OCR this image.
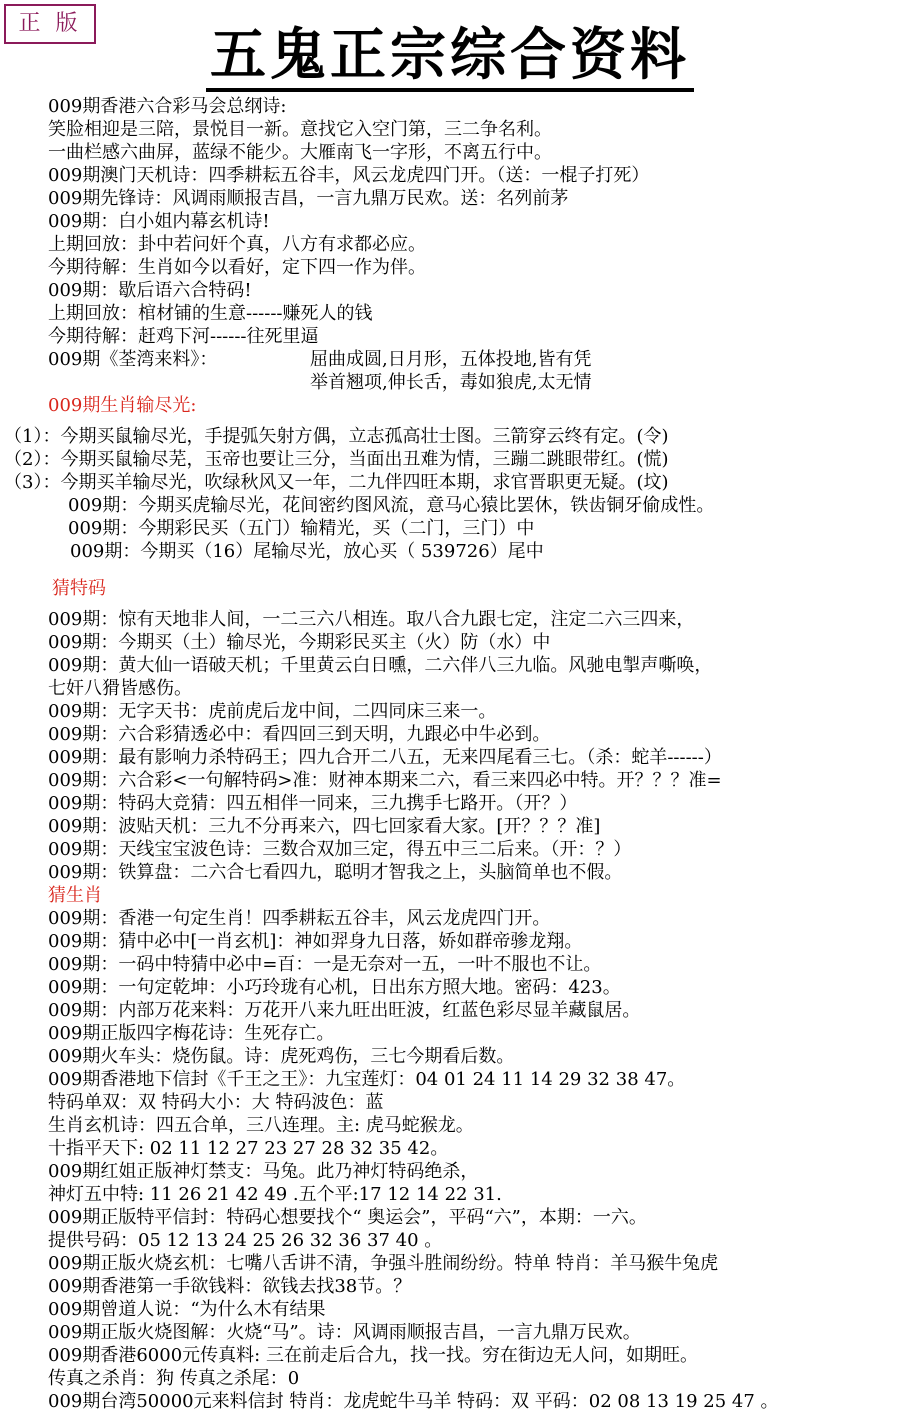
正 版	五鬼正宗综合资料
009期香港六合彩马会总纲诗:
笑脸相迎是三陪，景悦目一新。意找它入空门第，三二争名利。
一曲栏感六曲屏，蓝绿不能少。大雁南飞一字形，不离五行中。
009期澳门天机诗：四季耕耘五谷丰，风云龙虎四门开。（送：一棍子打死）
009期先锋诗：风调雨顺报吉昌，一言九鼎万民欢。送：名列前茅
009期：白小姐内幕玄机诗!
上期回放：卦中若问奸个真，八方有求都必应。
今期待解：生肖如今以看好，定下四一作为伴。
009期：歇后语六合特码!
上期回放：棺材铺的生意------赚死人的钱
今期待解：赶鸡下河------往死里逼
009期《荃湾来料》：	屈曲成圆,日月形，五体投地,皆有凭
举首翘项,伸长舌，毒如狼虎,太无情
009期生肖输尽光:
（1）：今期买鼠输尽光，手提弧矢射方偶，立志孤高壮士图。三箭穿云终有定。(令)
（2）：今期买鼠输尽芜，玉帝也要让三分，当面出丑难为情，三蹦二跳眼带红。(慌)
（3）：今期买羊输尽光，吹绿秋风又一年，二九伴四旺本期，求官晋职更无疑。(坟)
009期：今期买虎输尽光，花间密约图风流，意马心猿比罢休，铁齿铜牙偷成性。
009期：今期彩民买（五门）输精光，买（二门，三门）中
009期：今期买（16）尾输尽光，放心买（ 539726）尾中
猜特码
009期：惊有天地非人间，一二三六八相连。取八合九跟七定，注定二六三四来，
009期：今期买（土）输尽光，今期彩民买主（火）防（水）中
009期：黄大仙一语破天机；千里黄云白日曛，二六伴八三九临。风驰电掣声嘶唤，
七奸八猾皆感伤。
009期：无字天书：虎前虎后龙中间，二四同床三来一。
009期：六合彩猜透必中：看四回三到天明，九跟必中牛必到。
009期：最有影响力杀特码王；四九合开二八五，无来四尾看三七。（杀：蛇羊------）
009期：六合彩<一句解特码>准：财神本期来二六，看三来四必中特。开？？？准=
009期：特码大竞猜：四五相伴一同来，三九携手七路开。（开？）
009期：波贴天机：三九不分再来六，四七回家看大家。[开？？？准]
009期：天线宝宝波色诗：三数合双加三定，得五中三二后来。（开：？）
009期：铁算盘：二六合七看四九，聪明才智我之上，头脑简单也不假。
猜生肖
009期：香港一句定生肖！四季耕耘五谷丰，风云龙虎四门开。
009期：猜中必中[一肖玄机]：神如羿身九日落，娇如群帝骖龙翔。
009期：一码中特猜中必中=百：一是无奈对一五，一叶不服也不让。
009期：一句定乾坤：小巧玲珑有心机，日出东方照大地。密码：423。
009期：内部万花来料：万花开八来九旺出旺波，红蓝色彩尽显羊藏鼠居。
009期正版四字梅花诗：生死存亡。
009期火车头：烧伤鼠。诗：虎死鸡伤，三七今期看后数。
009期香港地下信封《千王之王》：九宝莲灯：04 01 24 11 14 29 32 38 47。
特码单双：双 特码大小：大 特码波色：蓝
生肖玄机诗：四五合单，三八连理。主: 虎马蛇猴龙。
十指平天下: 02 11 12 27 23 27 28 32 35 42。
009期红姐正版神灯禁支：马兔。此乃神灯特码绝杀，
神灯五中特: 11 26 21 42 49 .五个平:17 12 14 22 31.
009期正版特平信封：特码心想要找个“ 奥运会”，平码“六”，本期：一六。
提供号码：05 12 13 24 25 26 32 36 37 40 。
009期正版火烧玄机：七嘴八舌讲不清，争强斗胜闹纷纷。特单 特肖：羊马猴牛兔虎
009期香港第一手欲钱料：欲钱去找38节。？
009期曾道人说：“为什么木有结果
009期正版火烧图解：火烧“马”。诗：风调雨顺报吉昌，一言九鼎万民欢。
009期香港6000元传真料: 三在前走后合九，找一找。穷在街边无人问，如期旺。
传真之杀肖：狗 传真之杀尾：0
009期台湾50000元来料信封 特肖：龙虎蛇牛马羊 特码：双 平码：02 08 13 19 25 47 。
